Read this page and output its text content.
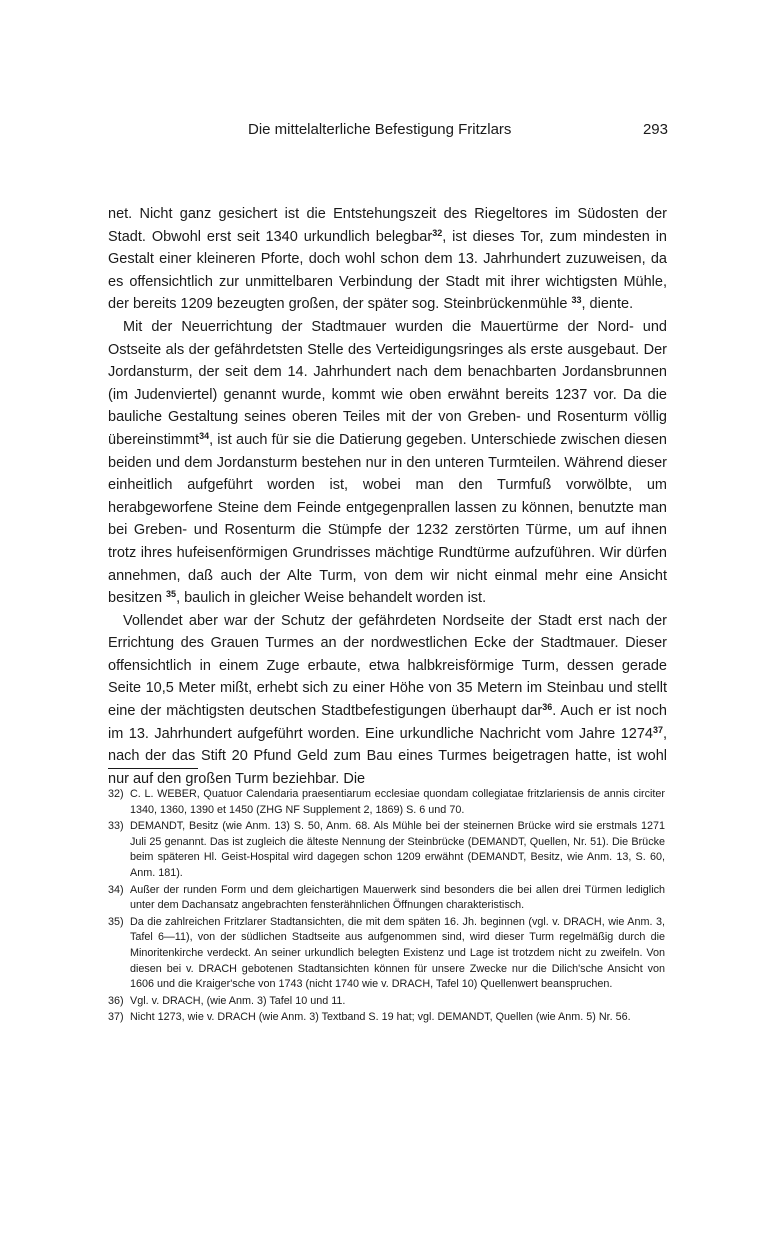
Die mittelalterliche Befestigung Fritzlars	293

net. Nicht ganz gesichert ist die Entstehungszeit des Riegeltores im Südosten der Stadt. Obwohl erst seit 1340 urkundlich belegbar$^{32}$, ist dieses Tor, zum mindesten in Gestalt einer kleineren Pforte, doch wohl schon dem 13. Jahrhundert zuzuweisen, da es offensichtlich zur unmittelbaren Verbindung der Stadt mit ihrer wichtigsten Mühle, der bereits 1209 bezeugten großen, der später sog. Steinbrückenmühle $^{33}$, diente.

Mit der Neuerrichtung der Stadtmauer wurden die Mauertürme der Nord- und Ostseite als der gefährdetsten Stelle des Verteidigungsringes als erste ausgebaut. Der Jordansturm, der seit dem 14. Jahrhundert nach dem benachbarten Jordansbrunnen (im Judenviertel) genannt wurde, kommt wie oben erwähnt bereits 1237 vor. Da die bauliche Gestaltung seines oberen Teiles mit der von Greben- und Rosenturm völlig übereinstimmt$^{34}$, ist auch für sie die Datierung gegeben. Unterschiede zwischen diesen beiden und dem Jordansturm bestehen nur in den unteren Turmteilen. Während dieser einheitlich aufgeführt worden ist, wobei man den Turmfuß vorwölbte, um herabgeworfene Steine dem Feinde entgegenprallen lassen zu können, benutzte man bei Greben- und Rosenturm die Stümpfe der 1232 zerstörten Türme, um auf ihnen trotz ihres hufeisenförmigen Grundrisses mächtige Rundtürme aufzuführen. Wir dürfen annehmen, daß auch der Alte Turm, von dem wir nicht einmal mehr eine Ansicht besitzen $^{35}$, baulich in gleicher Weise behandelt worden ist.

Vollendet aber war der Schutz der gefährdeten Nordseite der Stadt erst nach der Errichtung des Grauen Turmes an der nordwestlichen Ecke der Stadtmauer. Dieser offensichtlich in einem Zuge erbaute, etwa halbkreisförmige Turm, dessen gerade Seite 10,5 Meter mißt, erhebt sich zu einer Höhe von 35 Metern im Steinbau und stellt eine der mächtigsten deutschen Stadtbefestigungen überhaupt dar$^{36}$. Auch er ist noch im 13. Jahrhundert aufgeführt worden. Eine urkundliche Nachricht vom Jahre 1274$^{37}$, nach der das Stift 20 Pfund Geld zum Bau eines Turmes beigetragen hatte, ist wohl nur auf den großen Turm beziehbar. Die

32) C. L. WEBER, Quatuor Calendaria praesentiarum ecclesiae quondam collegiatae fritzlariensis de annis circiter 1340, 1360, 1390 et 1450 (ZHG NF Supplement 2, 1869) S. 6 und 70.
33) DEMANDT, Besitz (wie Anm. 13) S. 50, Anm. 68. Als Mühle bei der steinernen Brücke wird sie erstmals 1271 Juli 25 genannt. Das ist zugleich die älteste Nennung der Steinbrücke (DEMANDT, Quellen, Nr. 51). Die Brücke beim späteren Hl. Geist-Hospital wird dagegen schon 1209 erwähnt (DEMANDT, Besitz, wie Anm. 13, S. 60, Anm. 181).
34) Außer der runden Form und dem gleichartigen Mauerwerk sind besonders die bei allen drei Türmen lediglich unter dem Dachansatz angebrachten fensterähnlichen Öffnungen charakteristisch.
35) Da die zahlreichen Fritzlarer Stadtansichten, die mit dem späten 16. Jh. beginnen (vgl. v. DRACH, wie Anm. 3, Tafel 6—11), von der südlichen Stadtseite aus aufgenommen sind, wird dieser Turm regelmäßig durch die Minoritenkirche verdeckt. An seiner urkundlich belegten Existenz und Lage ist trotzdem nicht zu zweifeln. Von diesen bei v. DRACH gebotenen Stadtansichten können für unsere Zwecke nur die Dilich'sche Ansicht von 1606 und die Kraiger'sche von 1743 (nicht 1740 wie v. DRACH, Tafel 10) Quellenwert beanspruchen.
36) Vgl. v. DRACH, (wie Anm. 3) Tafel 10 und 11.
37) Nicht 1273, wie v. DRACH (wie Anm. 3) Textband S. 19 hat; vgl. DEMANDT, Quellen (wie Anm. 5) Nr. 56.
